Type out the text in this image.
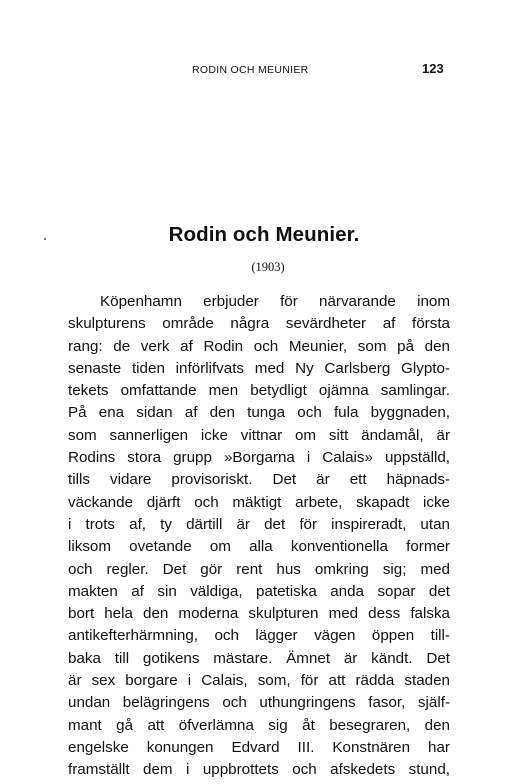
RODIN OCH MEUNIER	123
Rodin och Meunier.
(1903)
Köpenhamn erbjuder för närvarande inom
skulpturens område några sevärdheter af första
rang: de verk af Rodin och Meunier, som på den
senaste tiden införlifvats med Ny Carlsberg Glypto-
tekets omfattande men betydligt ojämna samlingar.
På ena sidan af den tunga och fula byggnaden,
som sannerligen icke vittnar om sitt ändamål, är
Rodins stora grupp »Borgarna i Calais» uppställd,
tills vidare provisoriskt. Det är ett häpnads-
väckande djärft och mäktigt arbete, skapadt icke
i trots af, ty därtill är det för inspireradt, utan
liksom ovetande om alla konventionella former
och regler. Det gör rent hus omkring sig; med
makten af sin väldiga, patetiska anda sopar det
bort hela den moderna skulpturen med dess falska
antikefterhärmning, och lägger vägen öppen till-
baka till gotikens mästare. Ämnet är kändt. Det
är sex borgare i Calais, som, för att rädda staden
undan belägringens och uthungringens fasor, själf-
mant gå att öfverlämna sig åt besegraren, den
engelske konungen Edvard III. Konstnären har
framställt dem i uppbrottets och afskedets stund,
